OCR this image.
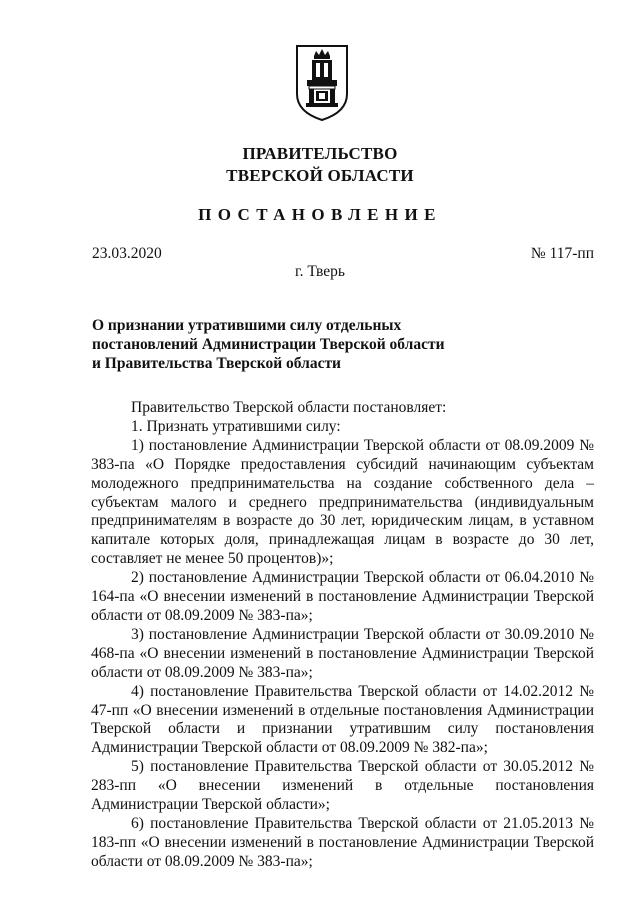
ПРАВИТЕЛЬСТВО
ТВЕРСКОЙ ОБЛАСТИ
ПОСТАНОВЛЕНИЕ
23.03.2020	№ 117-пп
г. Тверь
О признании утратившими силу отдельных
постановлений Администрации Тверской области
и Правительства Тверской области

Правительство Тверской области постановляет:

1. Признать утратившими силу:

1) постановление Администрации Тверской области от 08.09.2009 № 383-па «О Порядке предоставления субсидий начинающим субъектам молодежного предпринимательства на создание собственного дела – субъектам малого и среднего предпринимательства (индивидуальным предпринимателям в возрасте до 30 лет, юридическим лицам, в уставном капитале которых доля, принадлежащая лицам в возрасте до 30 лет, составляет не менее 50 процентов)»;

2) постановление Администрации Тверской области от 06.04.2010 № 164-па «О внесении изменений в постановление Администрации Тверской области от 08.09.2009 № 383-па»;

3) постановление Администрации Тверской области от 30.09.2010 № 468-па «О внесении изменений в постановление Администрации Тверской области от 08.09.2009 № 383-па»;

4) постановление Правительства Тверской области от 14.02.2012 № 47-пп «О внесении изменений в отдельные постановления Администрации Тверской области и признании утратившим силу постановления Администрации Тверской области от 08.09.2009 № 382-па»;

5) постановление Правительства Тверской области от 30.05.2012 № 283-пп «О внесении изменений в отдельные постановления Администрации Тверской области»;

6) постановление Правительства Тверской области от 21.05.2013 № 183-пп «О внесении изменений в постановление Администрации Тверской области от 08.09.2009 № 383-па»;
